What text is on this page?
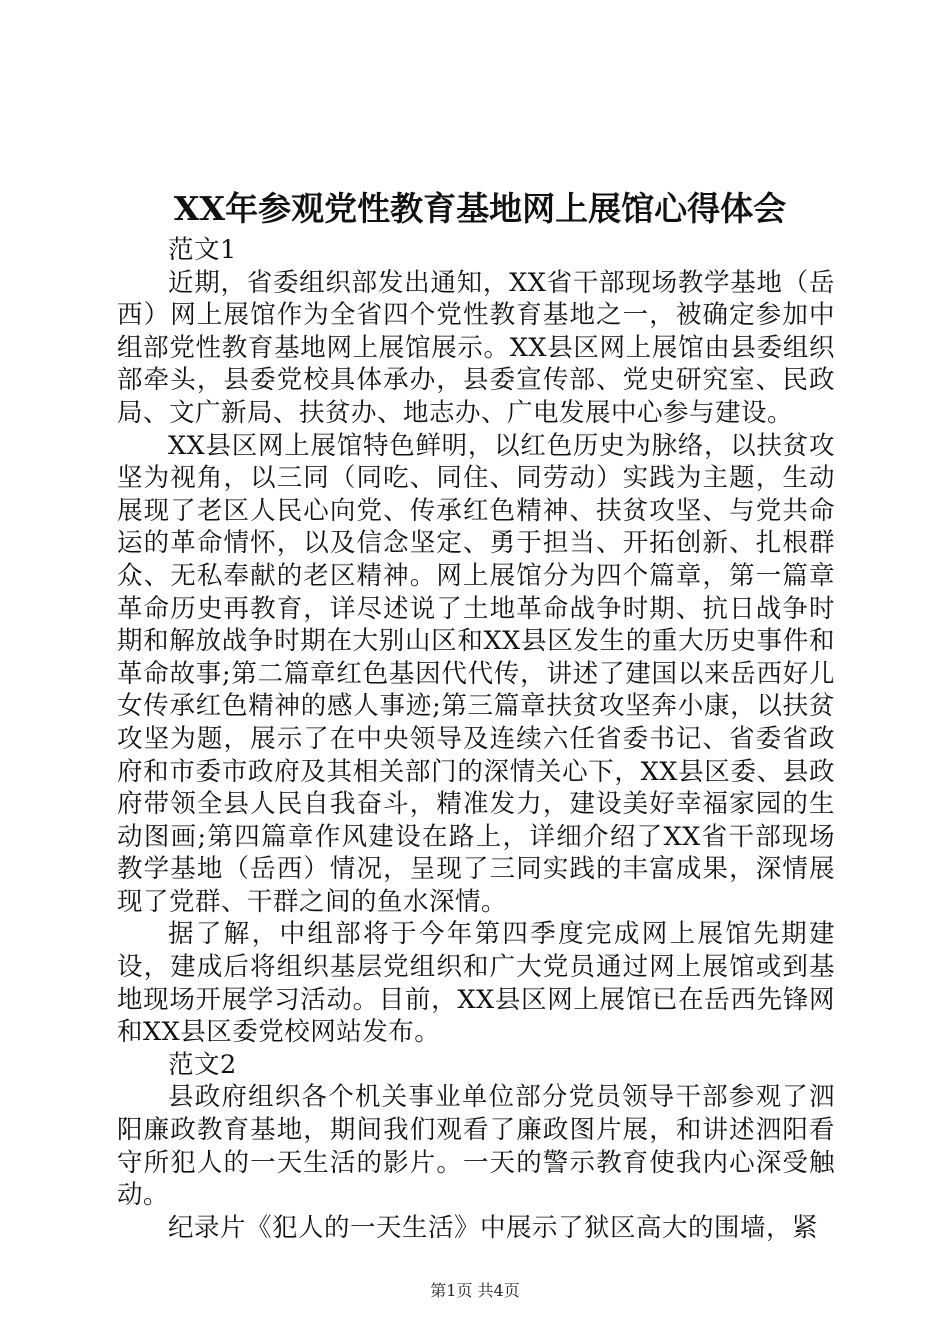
XX年参观党性教育基地网上展馆心得体会

范文1

近期，省委组织部发出通知，XX省干部现场教学基地（岳西）网上展馆作为全省四个党性教育基地之一，被确定参加中组部党性教育基地网上展馆展示。XX县区网上展馆由县委组织部牵头，县委党校具体承办，县委宣传部、党史研究室、民政局、文广新局、扶贫办、地志办、广电发展中心参与建设。

XX县区网上展馆特色鲜明，以红色历史为脉络，以扶贫攻坚为视角，以三同（同吃、同住、同劳动）实践为主题，生动展现了老区人民心向党、传承红色精神、扶贫攻坚、与党共命运的革命情怀，以及信念坚定、勇于担当、开拓创新、扎根群众、无私奉献的老区精神。网上展馆分为四个篇章，第一篇章革命历史再教育，详尽述说了土地革命战争时期、抗日战争时期和解放战争时期在大别山区和XX县区发生的重大历史事件和革命故事;第二篇章红色基因代代传，讲述了建国以来岳西好儿女传承红色精神的感人事迹;第三篇章扶贫攻坚奔小康，以扶贫攻坚为题，展示了在中央领导及连续六任省委书记、省委省政府和市委市政府及其相关部门的深情关心下，XX县区委、县政府带领全县人民自我奋斗，精准发力，建设美好幸福家园的生动图画;第四篇章作风建设在路上，详细介绍了XX省干部现场教学基地（岳西）情况，呈现了三同实践的丰富成果，深情展现了党群、干群之间的鱼水深情。

据了解，中组部将于今年第四季度完成网上展馆先期建设，建成后将组织基层党组织和广大党员通过网上展馆或到基地现场开展学习活动。目前，XX县区网上展馆已在岳西先锋网和XX县区委党校网站发布。

范文2

县政府组织各个机关事业单位部分党员领导干部参观了泗阳廉政教育基地，期间我们观看了廉政图片展，和讲述泗阳看守所犯人的一天生活的影片。一天的警示教育使我内心深受触动。

纪录片《犯人的一天生活》中展示了狱区高大的围墙，紧

第1页 共4页
